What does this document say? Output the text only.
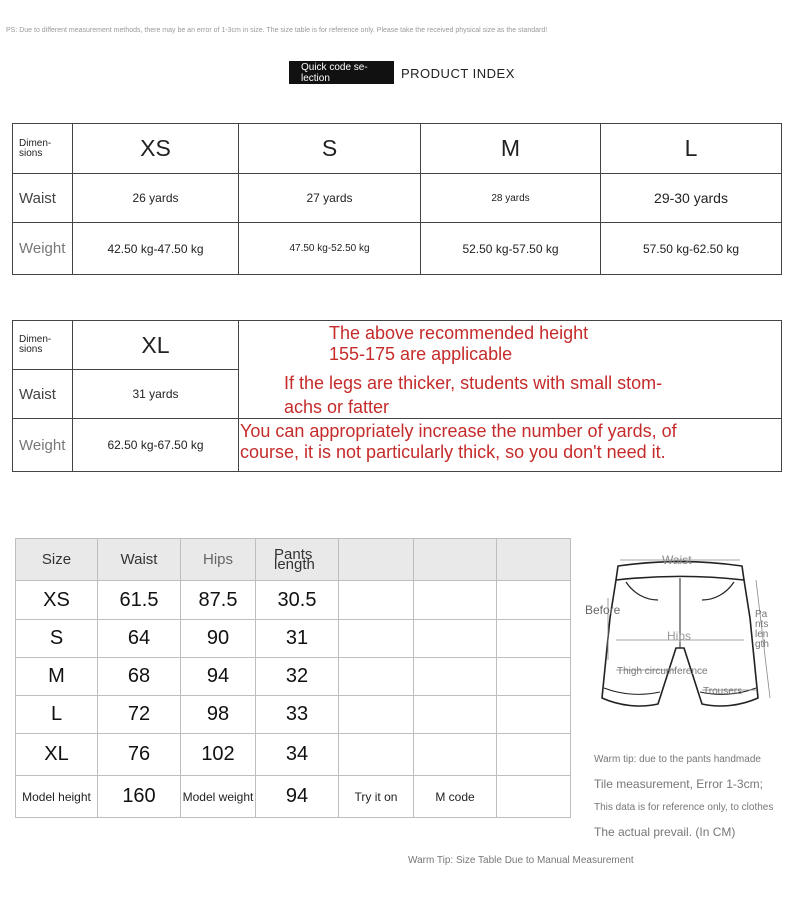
PS: Due to different measurement methods, there may be an error of 1-3cm in size. The size table is for reference only. Please take the received physical size as the standard!
Quick code se- lection	PRODUCT INDEX
Dimen- sions	XS	S	M	L
Waist	26 yards	27 yards	28 yards	29-30 yards
Weight	42.50 kg-47.50 kg	47.50 kg-52.50 kg	52.50 kg-57.50 kg	57.50 kg-62.50 kg
Dimen- sions	XL	
Waist	31 yards	
Weight	62.50 kg-67.50 kg	
The above recommended height
155-175 are applicable
If the legs are thicker, students with small stom-
achs or fatter
You can appropriately increase the number of yards, of
course, it is not particularly thick, so you don't need it.
Size	Waist	Hips	Pants length			
XS	61.5	87.5	30.5			
S	64	90	31			
M	68	94	32			
L	72	98	33			
XL	76	102	34			
Model height	160	Model weight	94	Try it on	M code	
Waist
Before
Hips
Pants length
Thigh circumference
Trousers
Warm tip: due to the pants handmade
Tile measurement, Error 1-3cm;
This data is for reference only, to clothes
The actual prevail. (In CM)
Warm Tip: Size Table Due to Manual Measurement
